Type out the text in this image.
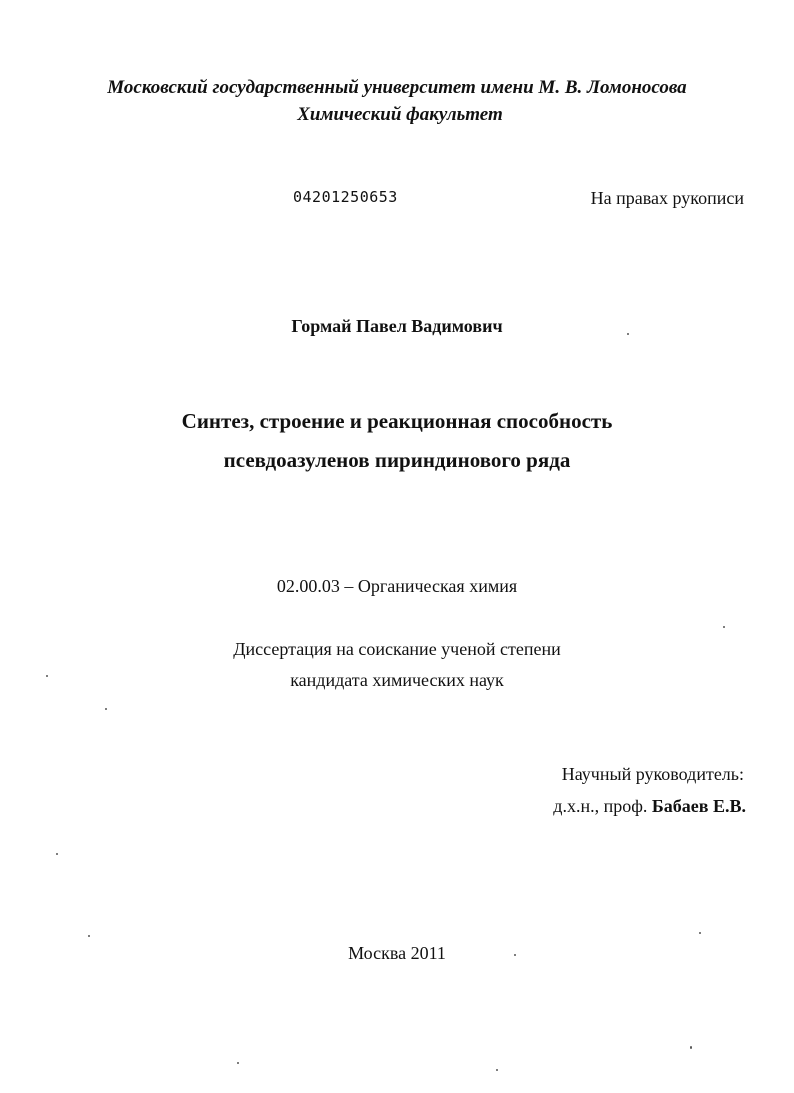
Московский государственный университет имени М. В. Ломоносова
Химический факультет
04201250653	На правах рукописи
Гормай Павел Вадимович
Синтез, строение и реакционная способность
псевдоазуленов пириндинового ряда
02.00.03 – Органическая химия
Диссертация на соискание ученой степени
кандидата химических наук
Научный руководитель:
д.х.н., проф. Бабаев Е.В.
Москва 2011
